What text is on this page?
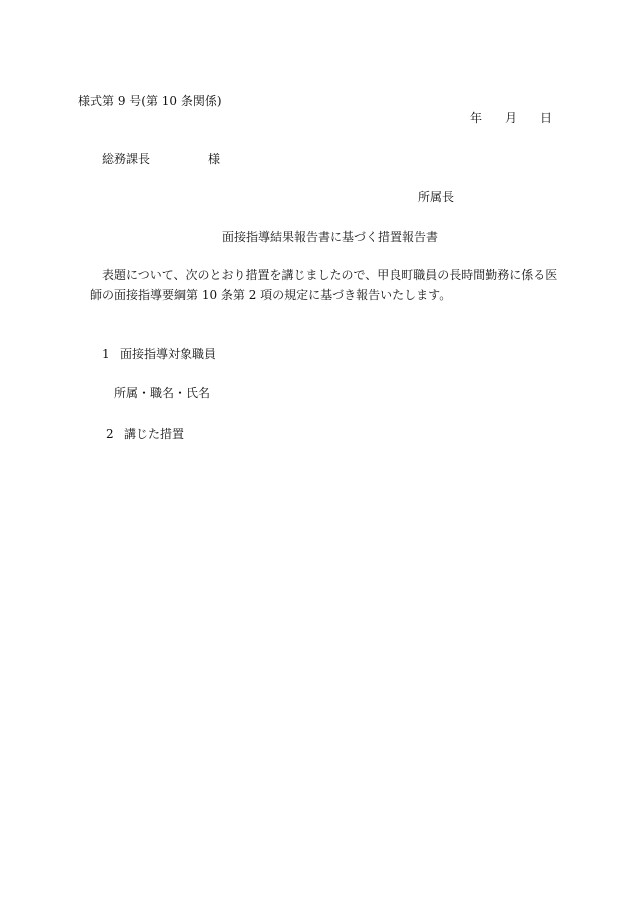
様式第 9 号(第 10 条関係)
年 月 日
総務課長	様
所属長
面接指導結果報告書に基づく措置報告書
表題について、次のとおり措置を講じましたので、甲良町職員の長時間勤務に係る医
師の面接指導要綱第 10 条第 2 項の規定に基づき報告いたします。
1 面接指導対象職員
所属・職名・氏名
2 講じた措置
